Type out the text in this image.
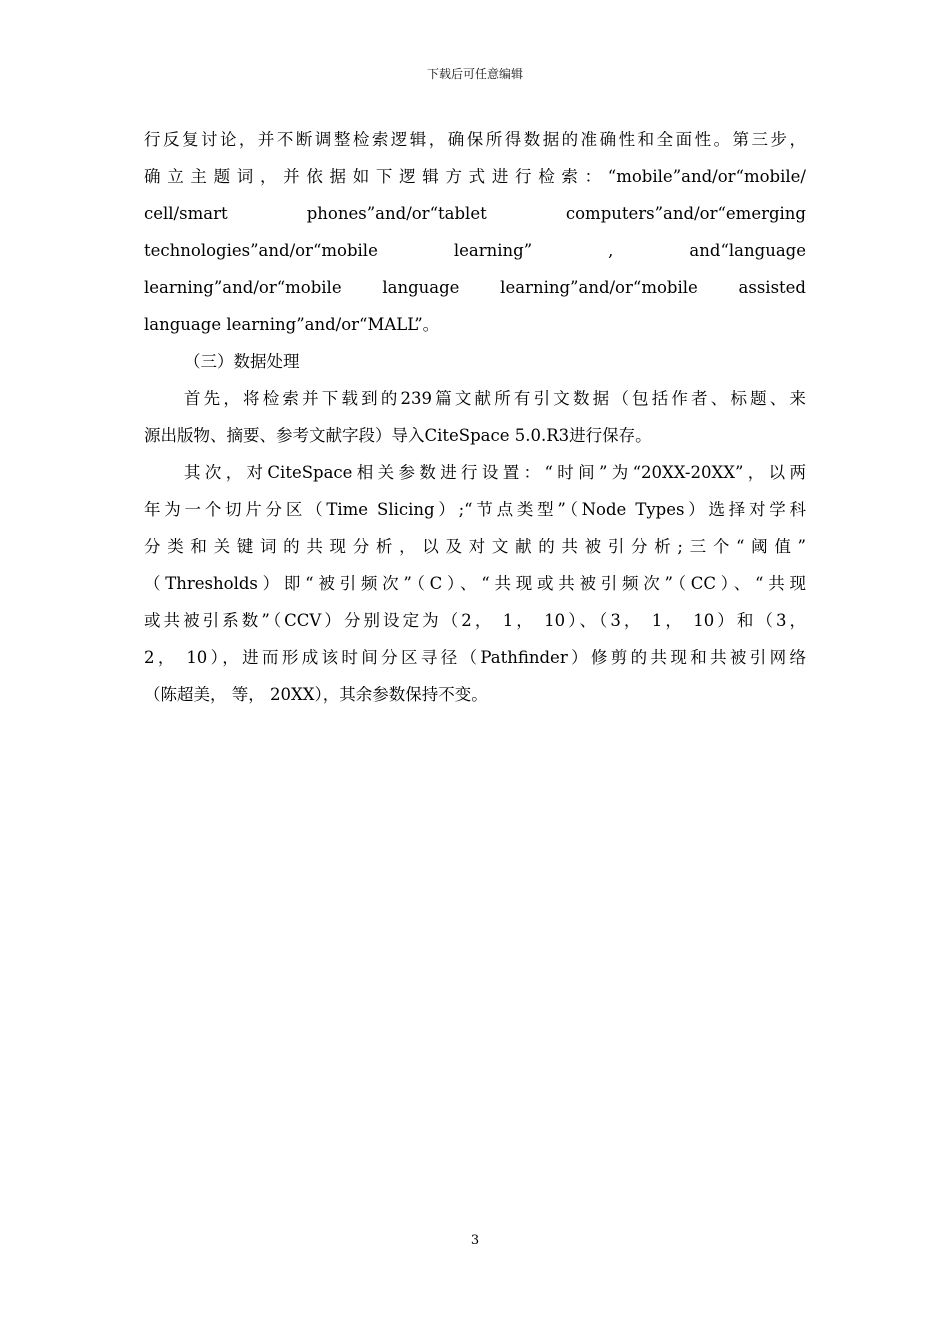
下载后可任意编辑
行反复讨论，并不断调整检索逻辑，确保所得数据的准确性和全面性。第三步，
确立主题词，并依据如下逻辑方式进行检索：“mobile”and/or“mobile/
cell/smart phones”and/or“tablet computers”and/or“emerging
technologies”and/or“mobile learning” , and“language
learning”and/or“mobile language learning”and/or“mobile assisted
language learning”and/or“MALL”。
（三）数据处理
首先，将检索并下载到的239篇文献所有引文数据（包括作者、标题、来
源出版物、摘要、参考文献字段）导入CiteSpace 5.0.R3进行保存。
其次，对CiteSpace相关参数进行设置：“时间”为“20XX-20XX”，以两
年为一个切片分区（Time Slicing）;“节点类型”（Node Types）选择对学科
分类和关键词的共现分析，以及对文献的共被引分析;三个“阈值”
（Thresholds）即“被引频次”（C）、“共现或共被引频次”（CC）、“共现
或共被引系数”（CCV）分别设定为（2， 1， 10）、（3， 1， 10）和（3，
2， 10），进而形成该时间分区寻径（Pathfinder）修剪的共现和共被引网络
（陈超美， 等， 20XX），其余参数保持不变。
3
